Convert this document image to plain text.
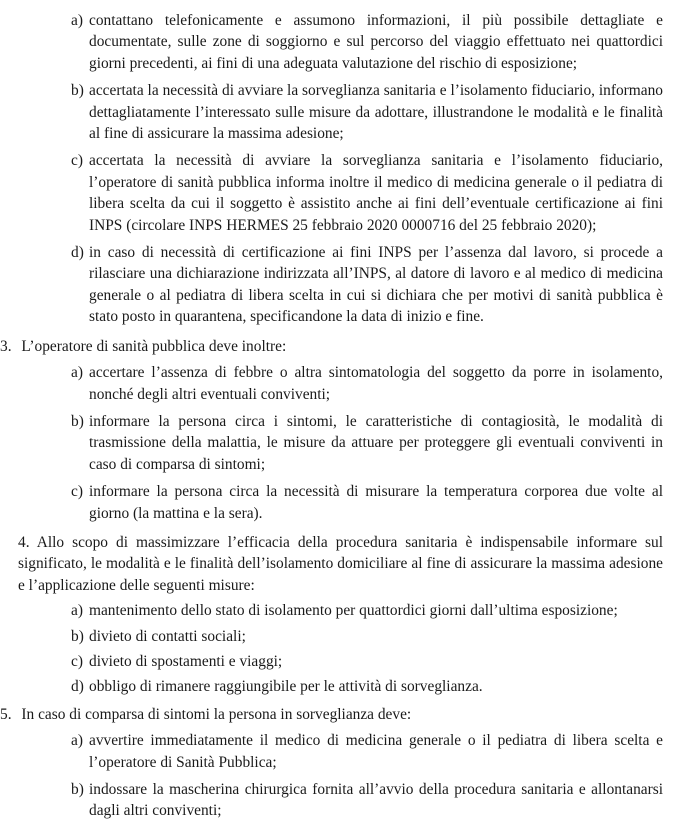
a) contattano telefonicamente e assumono informazioni, il più possibile dettagliate e documentate, sulle zone di soggiorno e sul percorso del viaggio effettuato nei quattordici giorni precedenti, ai fini di una adeguata valutazione del rischio di esposizione;
b) accertata la necessità di avviare la sorveglianza sanitaria e l’isolamento fiduciario, informano dettagliatamente l’interessato sulle misure da adottare, illustrandone le modalità e le finalità al fine di assicurare la massima adesione;
c) accertata la necessità di avviare la sorveglianza sanitaria e l’isolamento fiduciario, l’operatore di sanità pubblica informa inoltre il medico di medicina generale o il pediatra di libera scelta da cui il soggetto è assistito anche ai fini dell’eventuale certificazione ai fini INPS (circolare INPS HERMES 25 febbraio 2020 0000716 del 25 febbraio 2020);
d) in caso di necessità di certificazione ai fini INPS per l’assenza dal lavoro, si procede a rilasciare una dichiarazione indirizzata all’INPS, al datore di lavoro e al medico di medicina generale o al pediatra di libera scelta in cui si dichiara che per motivi di sanità pubblica è stato posto in quarantena, specificandone la data di inizio e fine.
3. L’operatore di sanità pubblica deve inoltre:
a) accertare l’assenza di febbre o altra sintomatologia del soggetto da porre in isolamento, nonché degli altri eventuali conviventi;
b) informare la persona circa i sintomi, le caratteristiche di contagiosità, le modalità di trasmissione della malattia, le misure da attuare per proteggere gli eventuali conviventi in caso di comparsa di sintomi;
c) informare la persona circa la necessità di misurare la temperatura corporea due volte al giorno (la mattina e la sera).
4. Allo scopo di massimizzare l’efficacia della procedura sanitaria è indispensabile informare sul significato, le modalità e le finalità dell’isolamento domiciliare al fine di assicurare la massima adesione e l’applicazione delle seguenti misure:
a) mantenimento dello stato di isolamento per quattordici giorni dall’ultima esposizione;
b) divieto di contatti sociali;
c) divieto di spostamenti e viaggi;
d) obbligo di rimanere raggiungibile per le attività di sorveglianza.
5. In caso di comparsa di sintomi la persona in sorveglianza deve:
a) avvertire immediatamente il medico di medicina generale o il pediatra di libera scelta e l’operatore di Sanità Pubblica;
b) indossare la mascherina chirurgica fornita all’avvio della procedura sanitaria e allontanarsi dagli altri conviventi;
